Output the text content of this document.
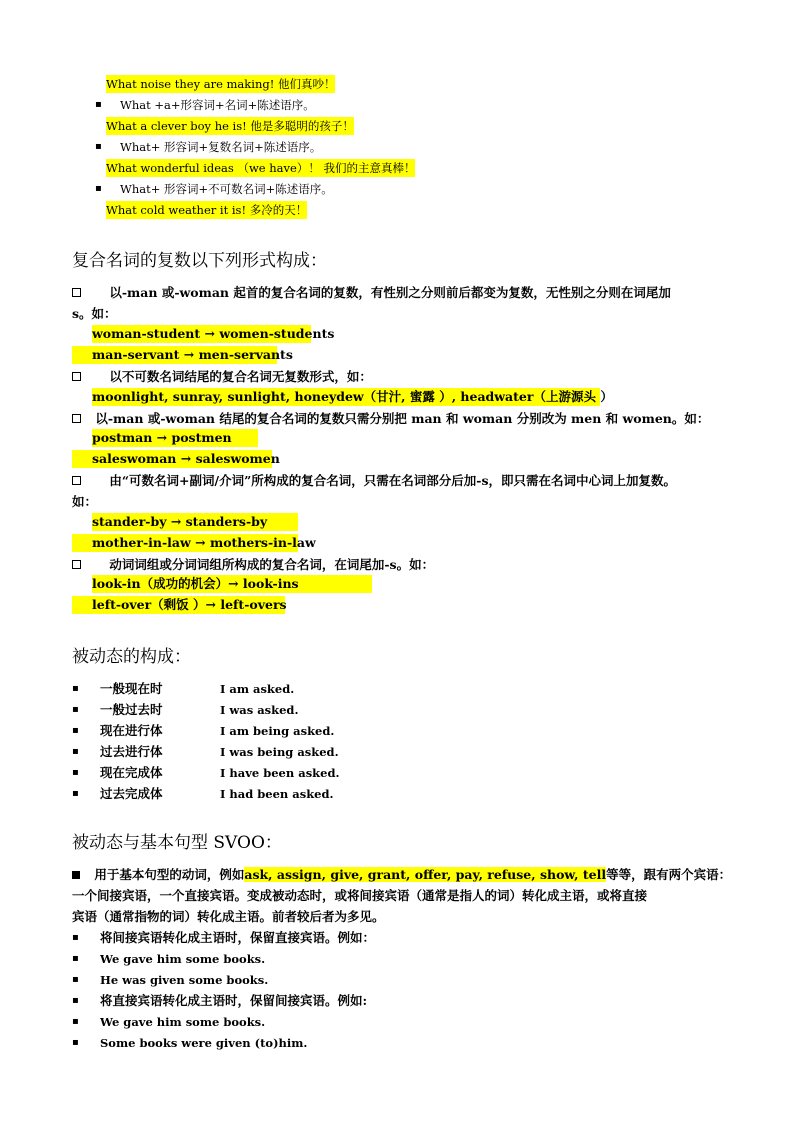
What noise they are making! 他们真吵！
▪ What +a+形容词+名词+陈述语序。
What a clever boy he is! 他是多聪明的孩子！
▪ What+ 形容词+复数名词+陈述语序。
What wonderful ideas （we have）！ 我们的主意真棒！
▪ What+ 形容词+不可数名词+陈述语序。
What cold weather it is! 多冷的天！
复合名词的复数以下列形式构成：
以-man 或-woman 起首的复合名词的复数，有性别之分则前后都变为复数，无性别之分则在词尾加
s。如：
woman-student → women-students
man-servant → men-servants
以不可数名词结尾的复合名词无复数形式，如：
moonlight, sunray, sunlight, honeydew（甘汁, 蜜露 ）, headwater（上游源头 ）
以-man 或-woman 结尾的复合名词的复数只需分别把 man 和 woman 分别改为 men 和 women。如：
postman → postmen
saleswoman → saleswomen
由“可数名词+副词/介词”所构成的复合名词，只需在名词部分后加-s，即只需在名词中心词上加复数。
如：
stander-by → standers-by
mother-in-law → mothers-in-law
动词词组或分词词组所构成的复合名词，在词尾加-s。如：
look-in（成功的机会）→ look-ins
left-over（剩饭 ）→ left-overs
被动态的构成：
▪ 一般现在时	I am asked.
▪ 一般过去时	I was asked.
▪ 现在进行体	I am being asked.
▪ 过去进行体	I was being asked.
▪ 现在完成体	I have been asked.
▪ 过去完成体	I had been asked.
被动态与基本句型 SVOO：
用于基本句型的动词，例如ask, assign, give, grant, offer, pay, refuse, show, tell等等，跟有两个宾语：
一个间接宾语，一个直接宾语。变成被动态时，或将间接宾语（通常是指人的词）转化成主语，或将直接
宾语（通常指物的词）转化成主语。前者较后者为多见。
▪ 将间接宾语转化成主语时，保留直接宾语。例如：
▪ We gave him some books.
▪ He was given some books.
▪ 将直接宾语转化成主语时，保留间接宾语。例如:
▪ We gave him some books.
▪ Some books were given (to)him.
